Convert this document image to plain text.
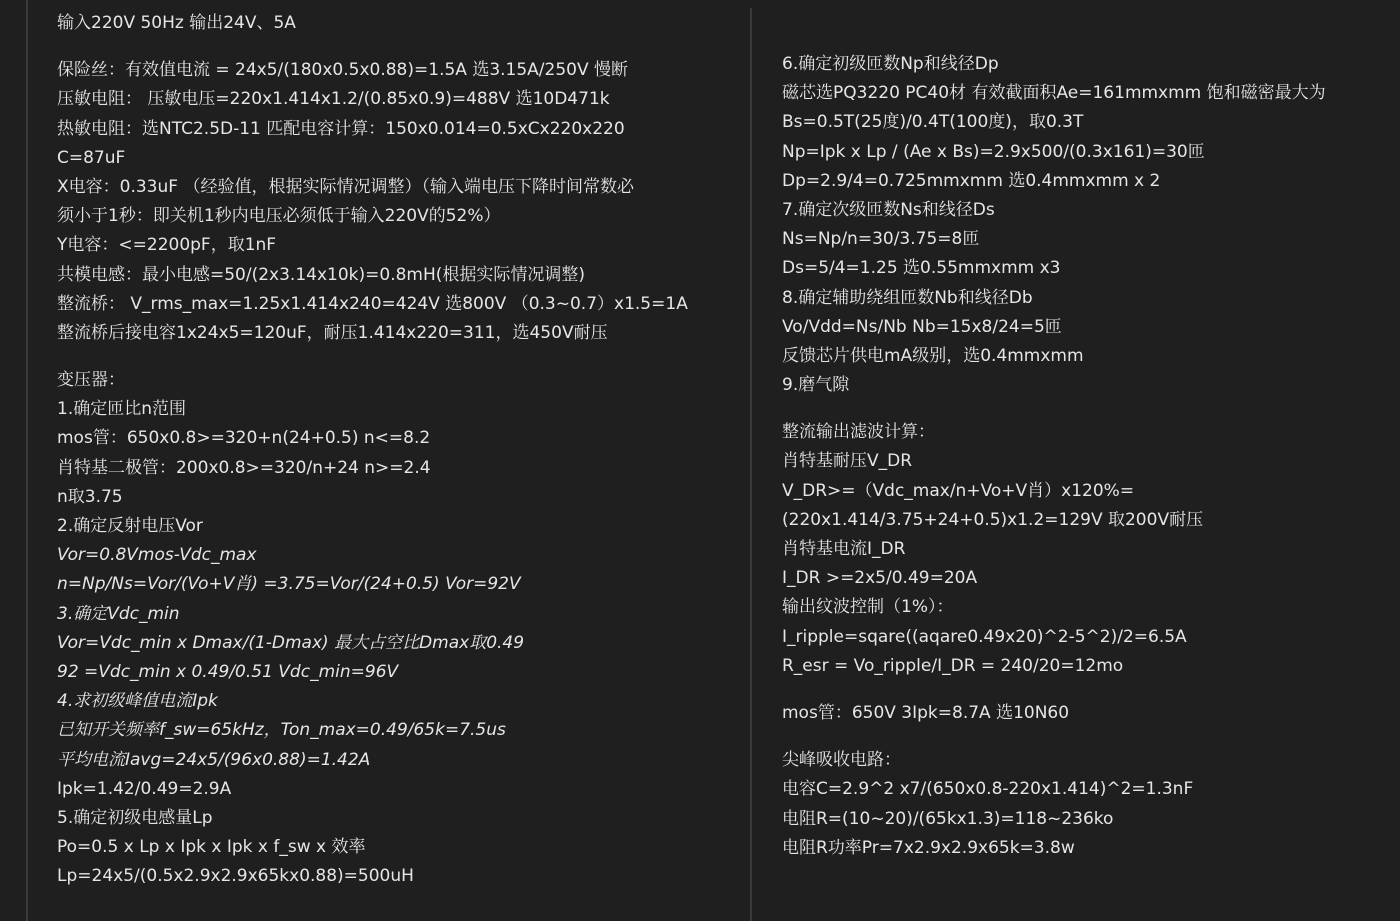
输入220V 50Hz 输出24V、5A
保险丝：有效值电流 = 24x5/(180x0.5x0.88)=1.5A 选3.15A/250V 慢断
压敏电阻： 压敏电压=220x1.414x1.2/(0.85x0.9)=488V 选10D471k
热敏电阻：选NTC2.5D-11 匹配电容计算：150x0.014=0.5xCx220x220
C=87uF
X电容：0.33uF （经验值，根据实际情况调整）（输入端电压下降时间常数必
须小于1秒：即关机1秒内电压必须低于输入220V的52%）
Y电容：<=2200pF，取1nF
共模电感：最小电感=50/(2x3.14x10k)=0.8mH(根据实际情况调整)
整流桥： V_rms_max=1.25x1.414x240=424V 选800V （0.3~0.7）x1.5=1A
整流桥后接电容1x24x5=120uF，耐压1.414x220=311，选450V耐压
变压器：
1.确定匝比n范围
mos管：650x0.8>=320+n(24+0.5) n<=8.2
肖特基二极管：200x0.8>=320/n+24 n>=2.4
n取3.75
2.确定反射电压Vor
Vor=0.8Vmos-Vdc_max
n=Np/Ns=Vor/(Vo+V肖) =3.75=Vor/(24+0.5) Vor=92V
3.确定Vdc_min
Vor=Vdc_min x Dmax/(1-Dmax) 最大占空比Dmax取0.49
92 =Vdc_min x 0.49/0.51 Vdc_min=96V
4.求初级峰值电流Ipk
已知开关频率f_sw=65kHz，Ton_max=0.49/65k=7.5us
平均电流Iavg=24x5/(96x0.88)=1.42A
Ipk=1.42/0.49=2.9A
5.确定初级电感量Lp
Po=0.5 x Lp x Ipk x Ipk x f_sw x 效率
Lp=24x5/(0.5x2.9x2.9x65kx0.88)=500uH
6.确定初级匝数Np和线径Dp
磁芯选PQ3220 PC40材 有效截面积Ae=161mmxmm 饱和磁密最大为
Bs=0.5T(25度)/0.4T(100度)，取0.3T
Np=Ipk x Lp / (Ae x Bs)=2.9x500/(0.3x161)=30匝
Dp=2.9/4=0.725mmxmm 选0.4mmxmm x 2
7.确定次级匝数Ns和线径Ds
Ns=Np/n=30/3.75=8匝
Ds=5/4=1.25 选0.55mmxmm x3
8.确定辅助绕组匝数Nb和线径Db
Vo/Vdd=Ns/Nb Nb=15x8/24=5匝
反馈芯片供电mA级别，选0.4mmxmm
9.磨气隙
整流输出滤波计算：
肖特基耐压V_DR
V_DR>=（Vdc_max/n+Vo+V肖）x120%=
(220x1.414/3.75+24+0.5)x1.2=129V 取200V耐压
肖特基电流I_DR
I_DR >=2x5/0.49=20A
输出纹波控制（1%）：
I_ripple=sqare((aqare0.49x20)^2-5^2)/2=6.5A
R_esr = Vo_ripple/I_DR = 240/20=12mo
mos管：650V 3Ipk=8.7A 选10N60
尖峰吸收电路：
电容C=2.9^2 x7/(650x0.8-220x1.414)^2=1.3nF
电阻R=(10~20)/(65kx1.3)=118~236ko
电阻R功率Pr=7x2.9x2.9x65k=3.8w
